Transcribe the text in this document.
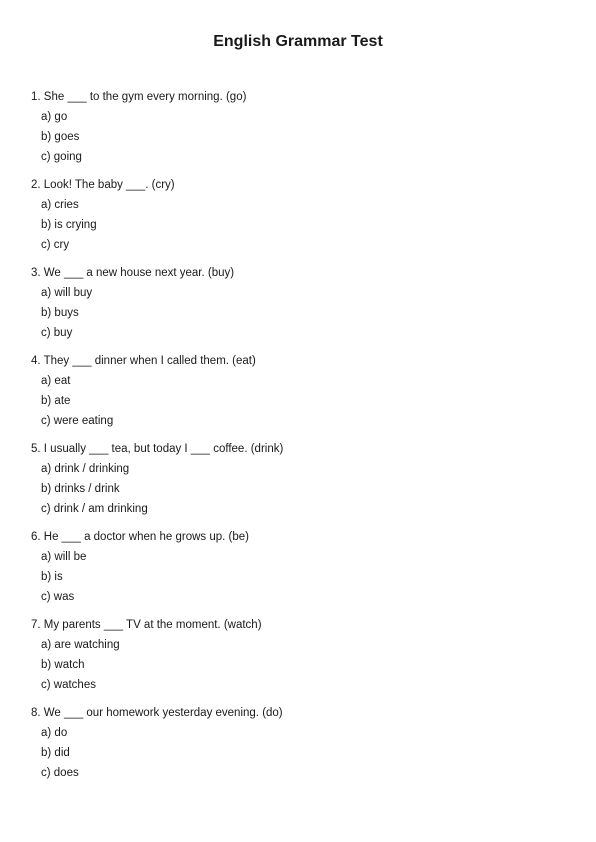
English Grammar Test
1. She ___ to the gym every morning. (go)
a) go
b) goes
c) going
2. Look! The baby ___. (cry)
a) cries
b) is crying
c) cry
3. We ___ a new house next year. (buy)
a) will buy
b) buys
c) buy
4. They ___ dinner when I called them. (eat)
a) eat
b) ate
c) were eating
5. I usually ___ tea, but today I ___ coffee. (drink)
a) drink / drinking
b) drinks / drink
c) drink / am drinking
6. He ___ a doctor when he grows up. (be)
a) will be
b) is
c) was
7. My parents ___ TV at the moment. (watch)
a) are watching
b) watch
c) watches
8. We ___ our homework yesterday evening. (do)
a) do
b) did
c) does
